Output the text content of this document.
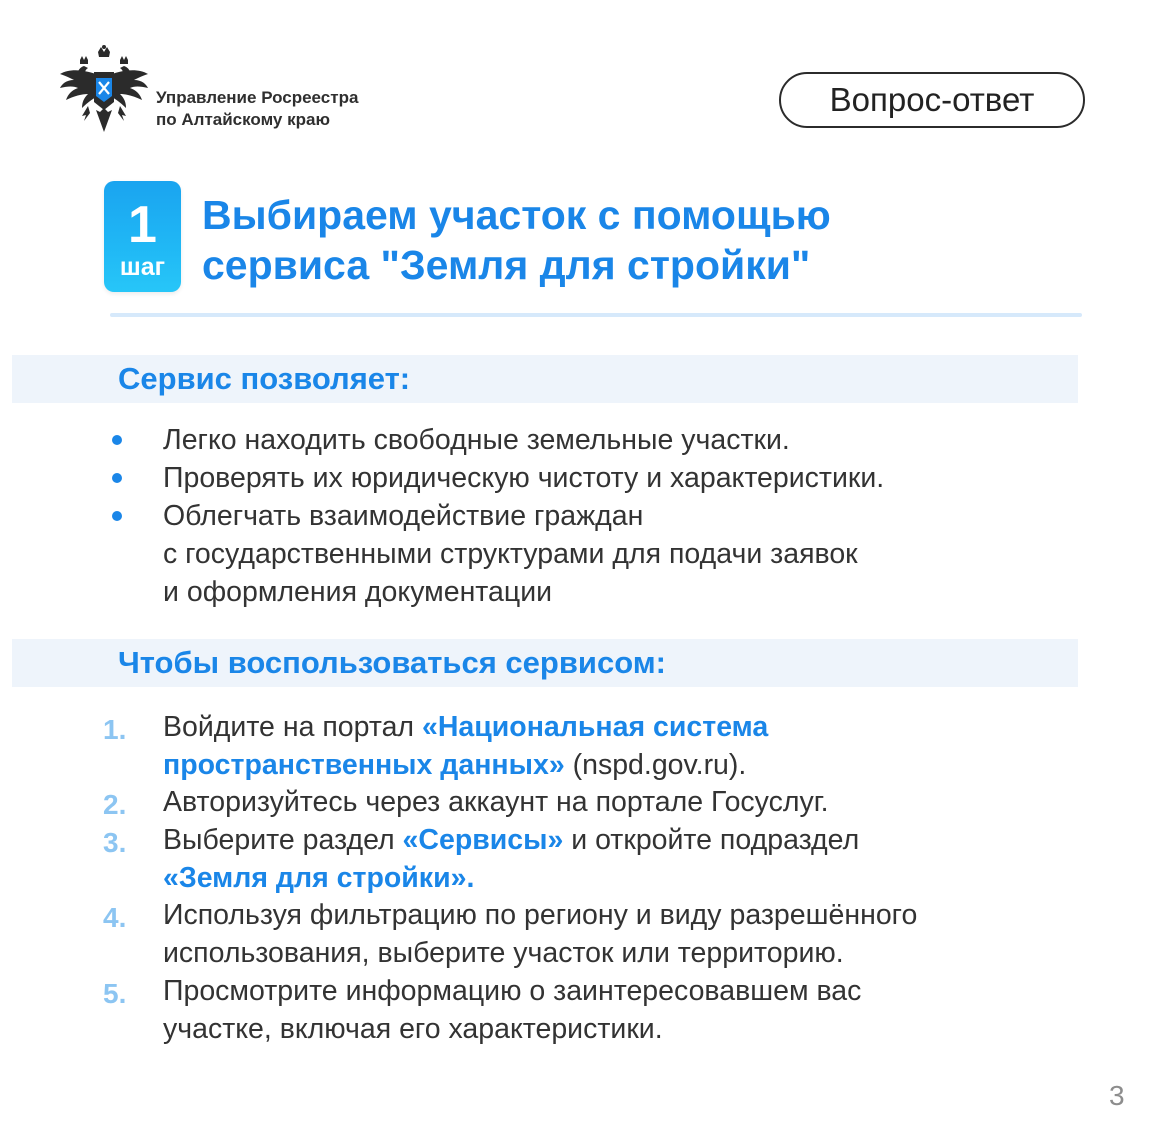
Управление Росреестра
по Алтайскому краю
Вопрос-ответ
1
шаг
Выбираем участок с помощью
сервиса "Земля для стройки"
Сервис позволяет:
Легко находить свободные земельные участки.
Проверять их юридическую чистоту и характеристики.
Облегчать взаимодействие граждан
с государственными структурами для подачи заявок
и оформления документации
Чтобы воспользоваться сервисом:
1. Войдите на портал «Национальная система
пространственных данных» (nspd.gov.ru).
2. Авторизуйтесь через аккаунт на портале Госуслуг.
3. Выберите раздел «Сервисы» и откройте подраздел
«Земля для стройки».
4. Используя фильтрацию по региону и виду разрешённого
использования, выберите участок или территорию.
5. Просмотрите информацию о заинтересовавшем вас
участке, включая его характеристики.
3
